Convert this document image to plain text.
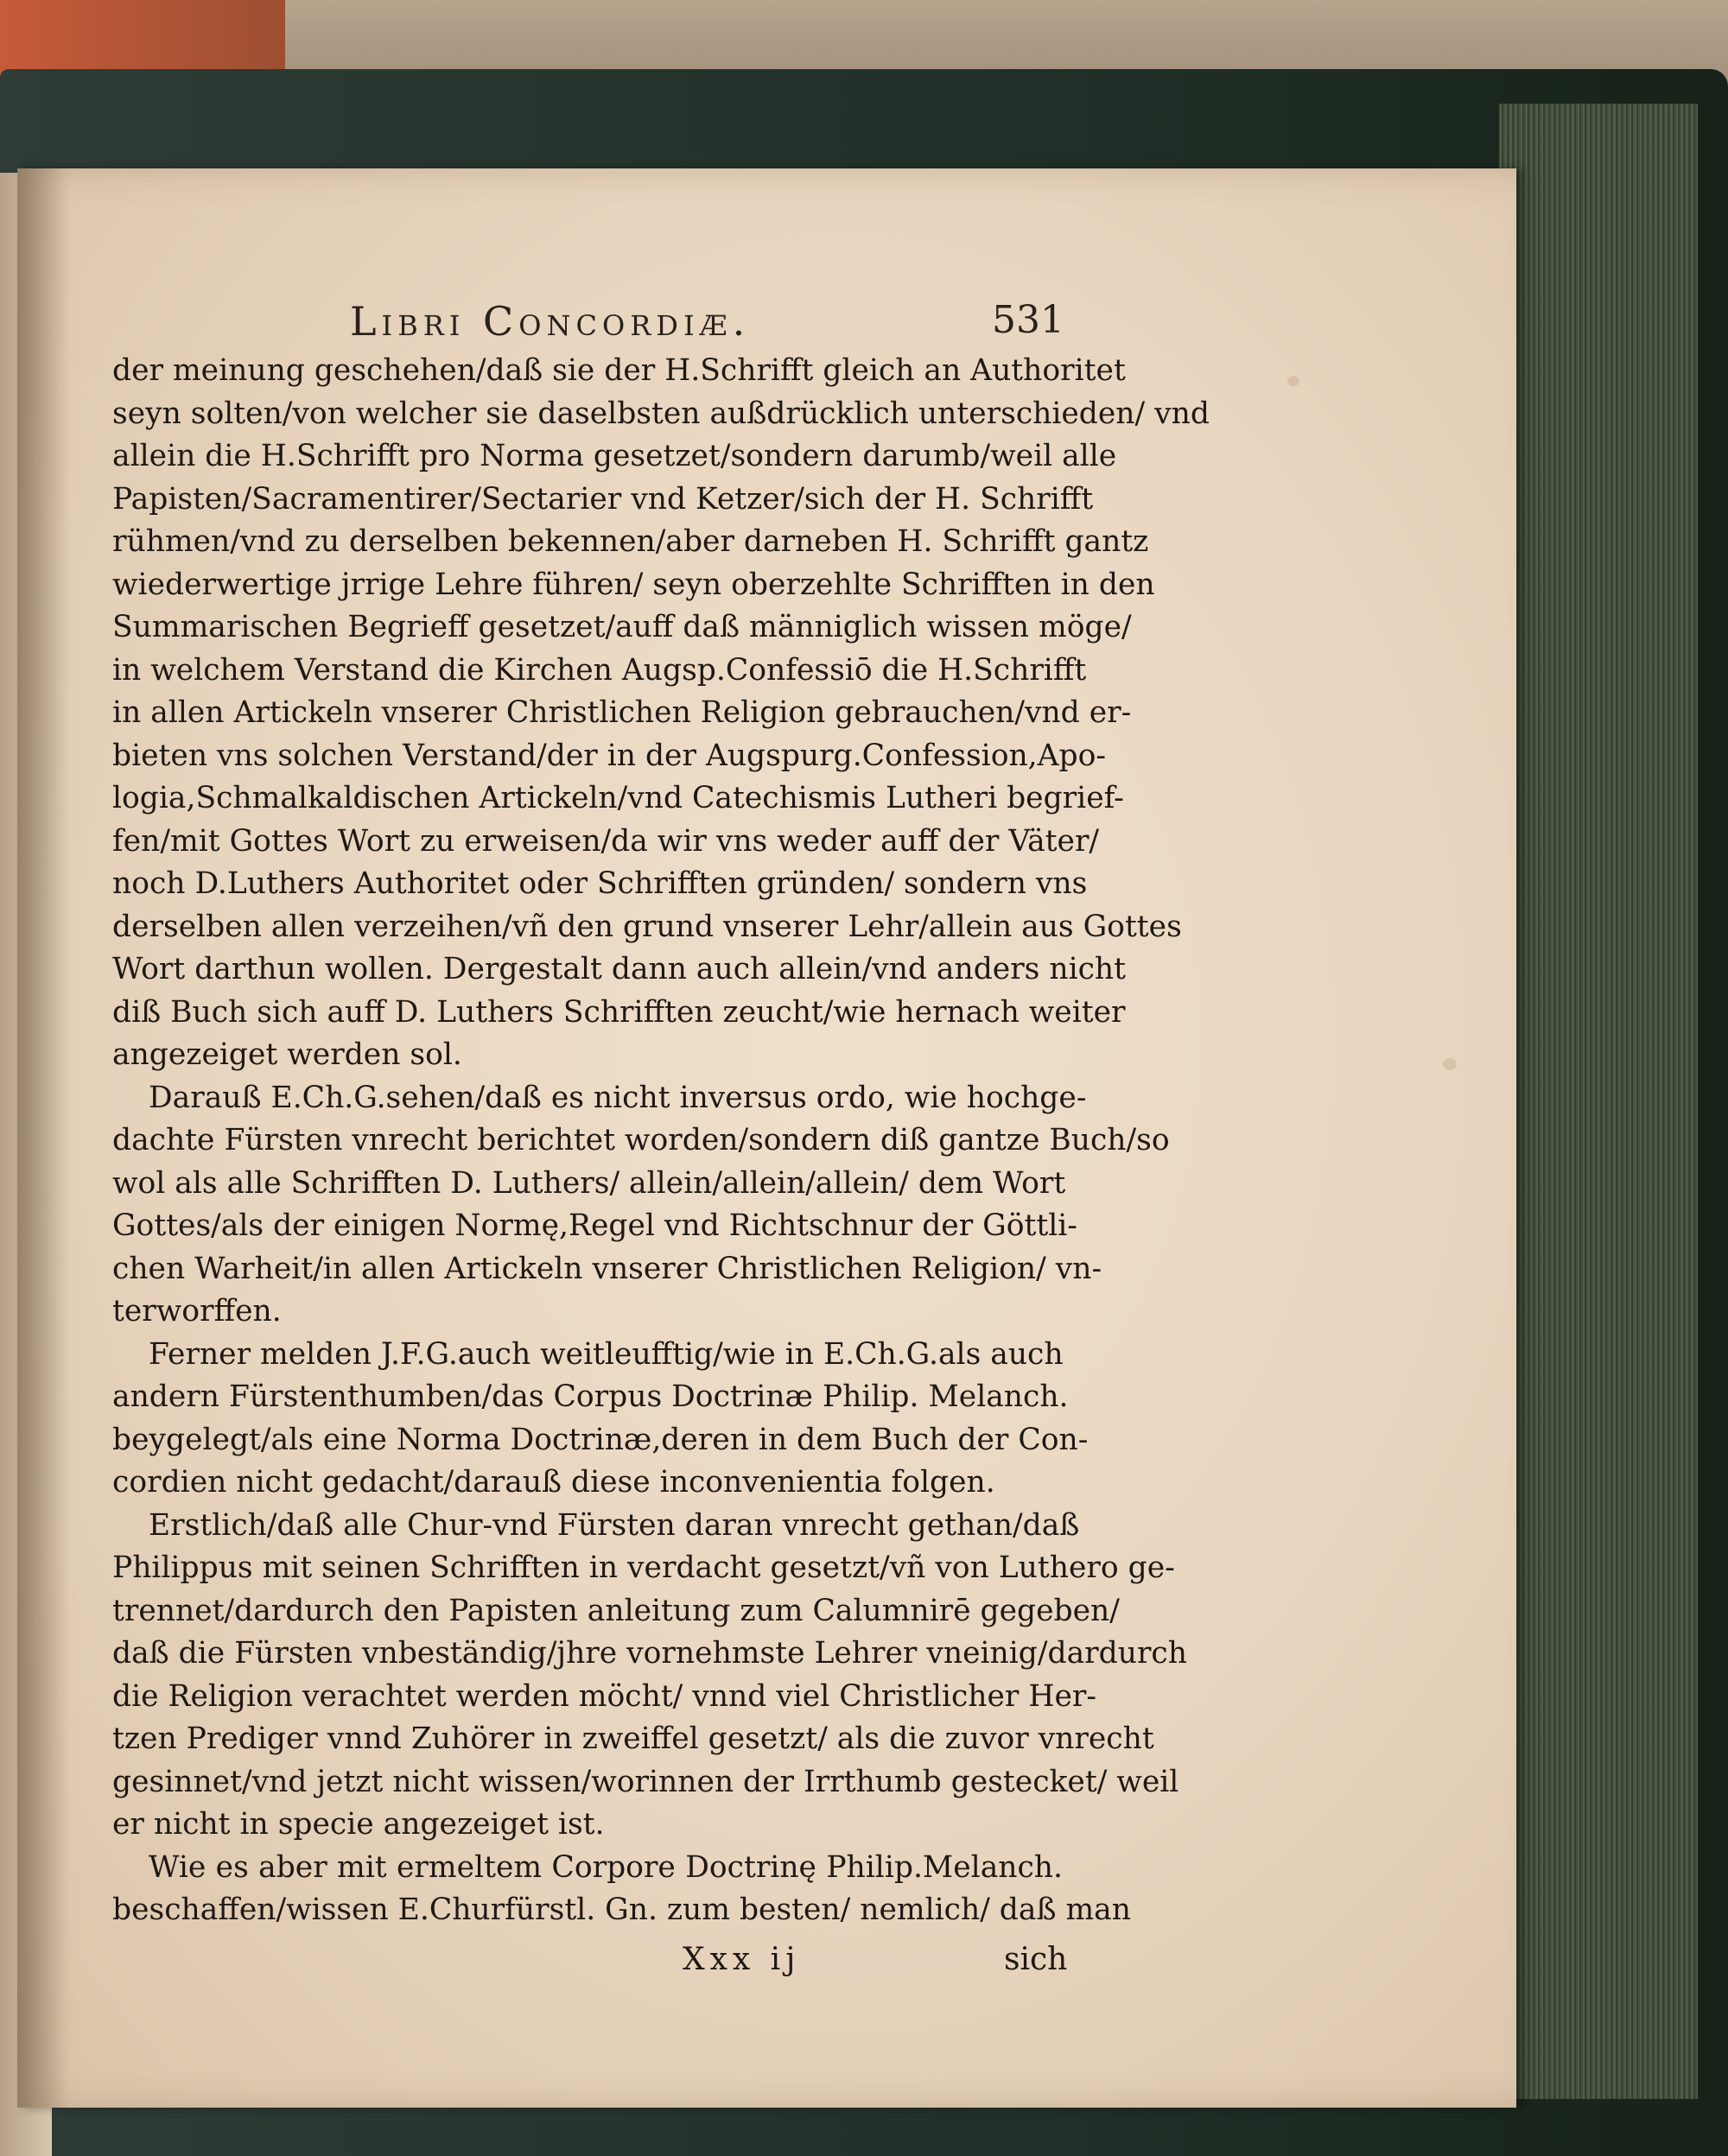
Libri Concordiæ.	531
der meinung geschehen/daß sie der H.Schrifft gleich an Authoritet
seyn solten/von welcher sie daselbsten außdrücklich unterschieden/ vnd
allein die H.Schrifft pro Norma gesetzet/sondern darumb/weil alle
Papisten/Sacramentirer/Sectarier vnd Ketzer/sich der H. Schrifft
rühmen/vnd zu derselben bekennen/aber darneben H. Schrifft gantz
wiederwertige jrrige Lehre führen/ seyn oberzehlte Schrifften in den
Summarischen Begrieff gesetzet/auff daß männiglich wissen möge/
in welchem Verstand die Kirchen Augsp.Confessiō die H.Schrifft
in allen Artickeln vnserer Christlichen Religion gebrauchen/vnd er-
bieten vns solchen Verstand/der in der Augspurg.Confession,Apo-
logia,Schmalkaldischen Artickeln/vnd Catechismis Lutheri begrief-
fen/mit Gottes Wort zu erweisen/da wir vns weder auff der Väter/
noch D.Luthers Authoritet oder Schrifften gründen/ sondern vns
derselben allen verzeihen/vñ den grund vnserer Lehr/allein aus Gottes
Wort darthun wollen. Dergestalt dann auch allein/vnd anders nicht
diß Buch sich auff D. Luthers Schrifften zeucht/wie hernach weiter
angezeiget werden sol.
Darauß E.Ch.G.sehen/daß es nicht inversus ordo, wie hochge-
dachte Fürsten vnrecht berichtet worden/sondern diß gantze Buch/so
wol als alle Schrifften D. Luthers/ allein/allein/allein/ dem Wort
Gottes/als der einigen Normę,Regel vnd Richtschnur der Göttli-
chen Warheit/in allen Artickeln vnserer Christlichen Religion/ vn-
terworffen.
Ferner melden J.F.G.auch weitleufftig/wie in E.Ch.G.als auch
andern Fürstenthumben/das Corpus Doctrinæ Philip. Melanch.
beygelegt/als eine Norma Doctrinæ,deren in dem Buch der Con-
cordien nicht gedacht/darauß diese inconvenientia folgen.
Erstlich/daß alle Chur-vnd Fürsten daran vnrecht gethan/daß
Philippus mit seinen Schrifften in verdacht gesetzt/vñ von Luthero ge-
trennet/dardurch den Papisten anleitung zum Calumnirē gegeben/
daß die Fürsten vnbeständig/jhre vornehmste Lehrer vneinig/dardurch
die Religion verachtet werden möcht/ vnnd viel Christlicher Her-
tzen Prediger vnnd Zuhörer in zweiffel gesetzt/ als die zuvor vnrecht
gesinnet/vnd jetzt nicht wissen/worinnen der Irrthumb gestecket/ weil
er nicht in specie angezeiget ist.
Wie es aber mit ermeltem Corpore Doctrinę Philip.Melanch.
beschaffen/wissen E.Churfürstl. Gn. zum besten/ nemlich/ daß man
Xxx ij	sich
